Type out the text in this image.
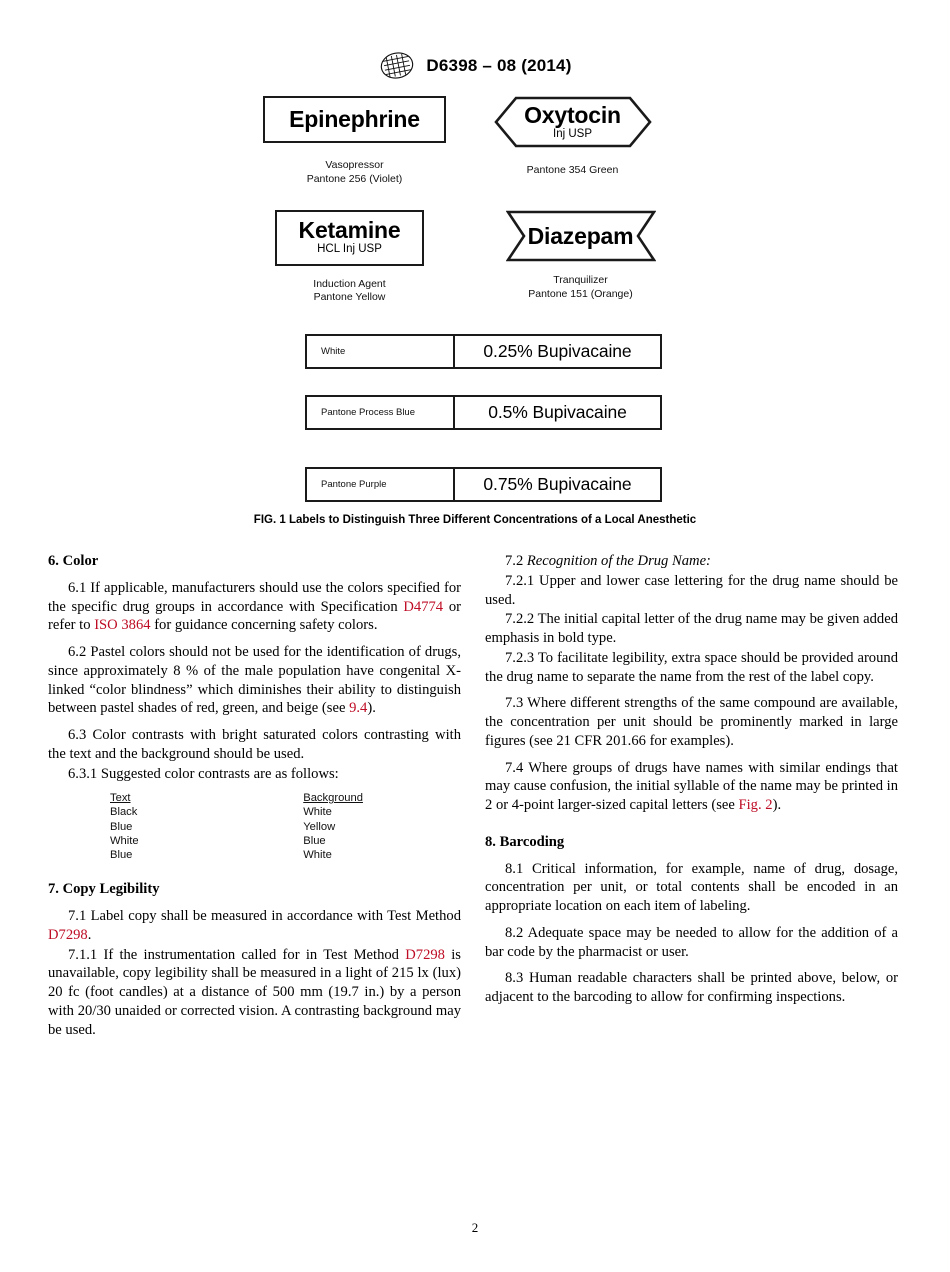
D6398 – 08 (2014)
Epinephrine
Vasopressor
Pantone 256 (Violet)
Oxytocin
Inj USP
Pantone 354 Green
Ketamine
HCL Inj USP
Induction Agent
Pantone Yellow
Diazepam
Tranquilizer
Pantone 151 (Orange)
White	0.25% Bupivacaine
Pantone Process Blue	0.5% Bupivacaine
Pantone Purple	0.75% Bupivacaine
FIG. 1 Labels to Distinguish Three Different Concentrations of a Local Anesthetic
6. Color

6.1 If applicable, manufacturers should use the colors specified for the specific drug groups in accordance with Specification D4774 or refer to ISO 3864 for guidance concerning safety colors.

6.2 Pastel colors should not be used for the identification of drugs, since approximately 8 % of the male population have congenital X-linked “color blindness” which diminishes their ability to distinguish between pastel shades of red, green, and beige (see 9.4).

6.3 Color contrasts with bright saturated colors contrasting with the text and the background should be used.

6.3.1 Suggested color contrasts are as follows:

Text	Background
Black	White
Blue	Yellow
White	Blue
Blue	White
7. Copy Legibility

7.1 Label copy shall be measured in accordance with Test Method D7298.

7.1.1 If the instrumentation called for in Test Method D7298 is unavailable, copy legibility shall be measured in a light of 215 lx (lux) 20 fc (foot candles) at a distance of 500 mm (19.7 in.) by a person with 20/30 unaided or corrected vision. A contrasting background may be used.

7.2 Recognition of the Drug Name:

7.2.1 Upper and lower case lettering for the drug name should be used.

7.2.2 The initial capital letter of the drug name may be given added emphasis in bold type.

7.2.3 To facilitate legibility, extra space should be provided around the drug name to separate the name from the rest of the label copy.

7.3 Where different strengths of the same compound are available, the concentration per unit should be prominently marked in large figures (see 21 CFR 201.66 for examples).

7.4 Where groups of drugs have names with similar endings that may cause confusion, the initial syllable of the name may be printed in 2 or 4-point larger-sized capital letters (see Fig. 2).

8. Barcoding

8.1 Critical information, for example, name of drug, dosage, concentration per unit, or total contents shall be encoded in an appropriate location on each item of labeling.

8.2 Adequate space may be needed to allow for the addition of a bar code by the pharmacist or user.

8.3 Human readable characters shall be printed above, below, or adjacent to the barcoding to allow for confirming inspections.

2
